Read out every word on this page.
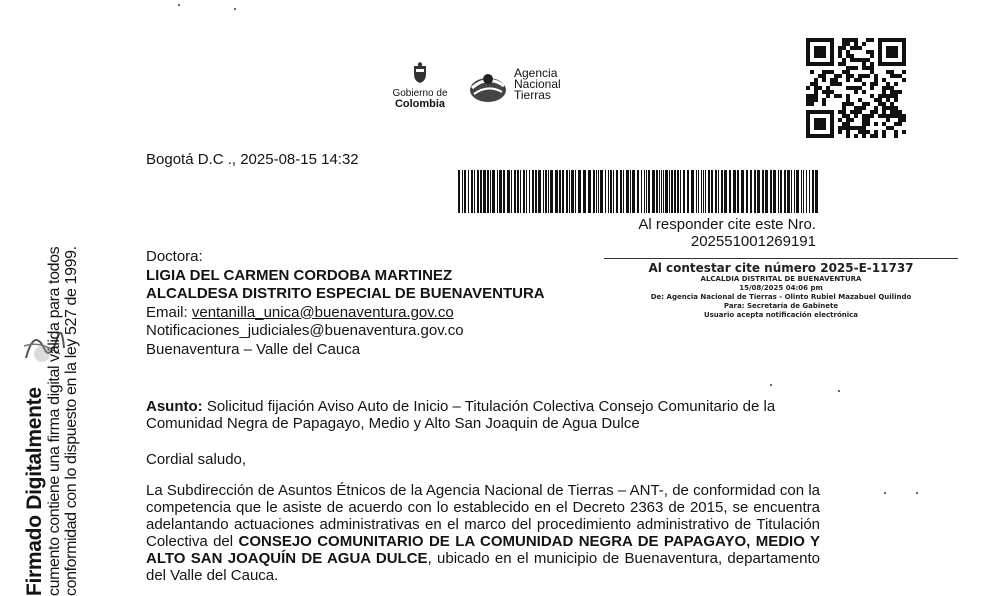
Gobierno de
Colombia
Agencia
Nacional
Tierras
Bogotá D.C ., 2025-08-15 14:32
Al responder cite este Nro.
202551001269191
Al contestar cite número 2025-E-11737
ALCALDIA DISTRITAL DE BUENAVENTURA
15/08/2025 04:06 pm
De: Agencia Nacional de Tierras - Olinto Rubiel Mazabuel Quilindo
Para: Secretaría de Gabinete
Usuario acepta notificación electrónica
Doctora:
LIGIA DEL CARMEN CORDOBA MARTINEZ
ALCALDESA DISTRITO ESPECIAL DE BUENAVENTURA
Email: ventanilla_unica@buenaventura.gov.co
Notificaciones_judiciales@buenaventura.gov.co
Buenaventura – Valle del Cauca
Firmado Digitalmente cumento contiene una firma digital válida para todos conformidad con lo dispuesto en la ley 527 de 1999.	Asunto: Solicitud fijación Aviso Auto de Inicio – Titulación Colectiva Consejo Comunitario de la Comunidad Negra de Papagayo, Medio y Alto San Joaquin de Agua Dulce
Cordial saludo,
La Subdirección de Asuntos Étnicos de la Agencia Nacional de Tierras – ANT-, de conformidad con la competencia que le asiste de acuerdo con lo establecido en el Decreto 2363 de 2015, se encuentra adelantando actuaciones administrativas en el marco del procedimiento administrativo de Titulación Colectiva del CONSEJO COMUNITARIO DE LA COMUNIDAD NEGRA DE PAPAGAYO, MEDIO Y ALTO SAN JOAQUÍN DE AGUA DULCE, ubicado en el municipio de Buenaventura, departamento del Valle del Cauca.
